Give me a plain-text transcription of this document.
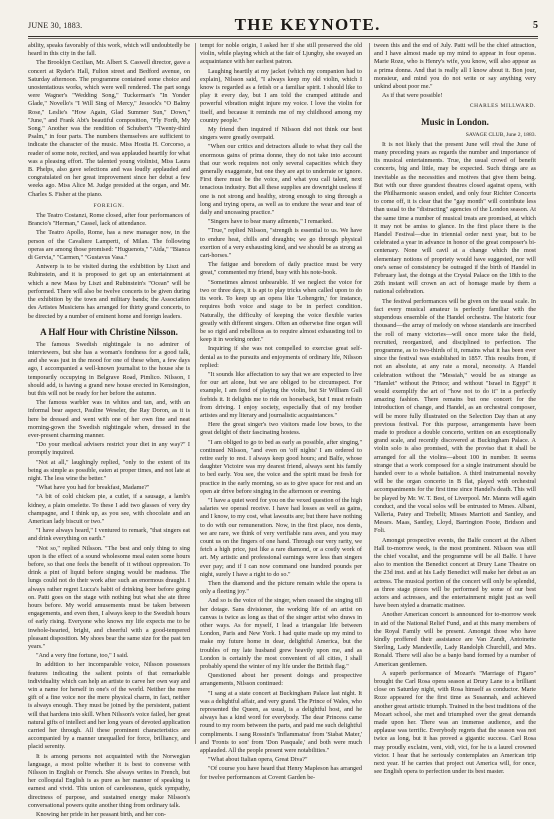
JUNE 30, 1883.	THE KEYNOTE.	5

ability, speaks favorably of this work, which will undoubtedly be heard in this city in the fall.

The Brooklyn Cecilian, Mr. Albert S. Caswell director, gave a concert at Ryder's Hall, Fulton street and Bedford avenue, on Saturday afternoon. The programme contained some choice and unostentatious works, which were well rendered. The part songs were Wagner's "Wedding Song," Tuckerman's "In Yonder Glade," Novello's "I Will Sing of Mercy," Jessock's "O Balmy Rose," Leslie's "How Again, Glad Summer Sun," Down," "June," and Frank Abt's beautiful composition, "Fly Forth, My Song." Another was the rendition of Schubert's "Twenty-third Psalm," in four parts. The numbers themselves are sufficient to indicate the character of the music. Miss Hostia H. Corcorso, a reader of some note, recited, and was applauded heartily for what was a pleasing effort. The talented young violinist, Miss Laura B. Phelps, also gave selections and was loudly applauded and congratulated on her great improvement since her debut a few weeks ago. Miss Alice M. Judge presided at the organ, and Mr. Charles S. Fisher at the piano.

FOREIGN.

The Teatro Costanzi, Rome closed, after four performances of Brancio's "Herman," Cassel, lack of attendance.

The Teatro Apollo, Rome, has a new manager now, in the person of the Cavaliere Lamperti, of Milan. The following operas are among those promised: "Huguenots," "Aida," "Bianca di Gervia," "Carmen," "Gustavus Vasa."

Antwerp is to be visited during the exhibition by Liszt and Rubinstein, and it is proposed to get up an entertainment at which a new Mass by Liszt and Rubinstein's "Ocean" will be performed. There will also be twelve concerts to be given during the exhibition by the town and military bands; the Association des Artistes Musiciens has arranged for thirty grand concerts, to be directed by a number of eminent home and foreign leaders.

A Half Hour with Christine Nilsson.

The famous Swedish nightingale is no admirer of interviewers, but she has a woman's fondness for a good talk, and she was just in the mood for one of these when, a few days ago, I accompanied a well-known journalist to the house she is temporarily occupying in Belgrave Road, Pimlico. Nilsson, I should add, is having a grand new house erected in Kensington, but this will not be ready for her before the autumn.

The famous warbler was in whites and tan, and, with an informal bear aspect, Pauline Weseler, the Ray Doron, as it is here be dressed and went with one of her own fine and neat morning-gown the Swedish nightingale when, dressed in the ever-present charming manner.

"Do your medical advisers restrict your diet in any way?" I promptly inquired.

"Not at all," laughingly replied, "only to the extent of its being as simple as possible, eaten at proper times, and not late at night. The less wine the better."

"What have you had for breakfast, Madame?"

"A bit of cold chicken pie, a cutlet, if a sausage, a lamb's kidney, a plain omelette. To these I add two glasses of very dry champagne, and I think up, as you see, with chocolate and an American lady biscuit or two."

"I have always heard," I ventured to remark, "that singers eat and drink everything on earth."

"Not so," replied Nilsson. "The best and only thing to sing upon is the effect of a sound wholesome meal eaten some hours before, so that one feels the benefit of it without oppression. To drink a pint of liquid before singing would be madness. The lungs could not do their work after such an enormous draught. I always rather regret Lucca's habit of drinking beer before going on. Patti goes on the stage with nothing but what she ate three hours before. My world amusements must be taken between engagements, and even then, I always keep to the Swedish hours of early rising. Everyone who knows my life expects me to be inwhole-hearted, bright, and cheerful with a good-tempered pleasant disposition. My shoes bear the same size for the past ten years."

"And a very fine fortune, too," I said.

In addition to her incomparable voice, Nilsson possesses features indicating the salient points of that remarkable individuality which can help an artiste to carve her own way and win a name for herself in one's of the world. Neither the mere gift of a fine voice nor the mere physical charm, in fact, neither is always enough. They must be joined by the persistent, patient will that hardens into skill. When Nilsson's voice failed, her great natural gifts of intellect and her long years of devoted application carried her through. All these prominent characteristics are accompanied by a manner unequalled for force, brilliancy, and placid serenity.

It is among persons not acquainted with the Norwegian language, a most polite whether it is best to converse with Nilsson in English or French. She always writes in French, but her colloquial English is as pure as her manner of speaking is earnest and vivid. This union of carelessness, quick sympathy, directness of purpose, and sustained energy make Nilsson's conversational powers quite another thing from ordinary talk.

Knowing her pride in her peasant birth, and her con-

tempt for noble origin, I asked her if she still preserved the old violin, while playing which at the fair of Ljungby, she swayed an acquaintance with her earliest patron.

Laughing heartily at my jacket (which my companion had to explain), Nilsson said, "I always keep my old violin, which I know is regarded as a fetish or a familiar spirit. I should like to play it every day, but I am told the cramped attitude and powerful vibration might injure my voice. I love the violin for itself, and because it reminds me of my childhood among my country people."

My friend then inquired if Nilsson did not think our best singers were greatly overpaid.

"When our critics and detractors allude to what they call the enormous gains of prima donne, they do not take into account that our work requires not only several capacities which they generally exaggerate, but one they are apt to underrate or ignore. First there must be the voice, and what you call talent, next tenacious industry. But all these supplies are downright useless if one is not strong and healthy, strong enough to sing through a long and trying opera, as well as to endure the wear and tear of daily and unceasing practice."

"Singers have to bear many ailments," I remarked.

"True," replied Nilsson, "strength is essential to us. We have to endure heat, chills and draughts; we go through physical exertion of a very exhausting kind, and we should be as strong as cart-horses."

The fatigue and boredom of daily practice must be very great," commented my friend, busy with his note-book.

"Sometimes almost unbearable. If we neglect the voice for two or three days, it is apt to play tricks when called upon to do its work. To keep up an opera like 'Lohengrin,' for instance, requires both voice and stage to be in perfect condition. Naturally, the difficulty of keeping the voice flexible varies greatly with different singers. Often an otherwise fine organ will be so rigid and rebellious as to require almost exhausting toil to keep it in working order."

Inquiring if she was not compelled to exercise great self-denial as to the pursuits and enjoyments of ordinary life, Nilsson replied:

"It sounds like affectation to say that we are expected to live for our art alone, but we are obliged to be circumspect. For example, I am fond of playing the violin, but Sir William Gull forbids it. It delights me to ride on horseback, but I must refrain from driving. I enjoy society, especially that of my brother artistes and my literary and journalistic acquaintances."

Here the great singer's two visitors made low bows, to the great delight of their fascinating hostess.

"I am obliged to go to bed as early as possible, after singing," continued Nilsson, "and even on 'off nights' I am ordered to retire early to rest. I always keep good hours; and Balfe, whose daughter Victoire was my dearest friend, always sent his family to bed early. You see, the voice and the spirit must be fresh for practice in the early morning, so as to give space for rest and an open air drive before singing in the afternoon or evening.

"I have a quiet word for you on the vexed question of the high salaries we operasl receive. I have had losses as well as gains, and I know, to my cost, what lawsuits are; but there have nothing to do with our remuneration. Now, in the first place, nos dents, we are rare, we think of very verifiable rara aves, and you may count us on the fingers of one hand. Through our very rarity, we fetch a high price, just like a rare diamond, or a costly work of art. My artistic and professional earnings were less than singers ever pay; and if I can now command one hundred pounds per night, surely I have a right to do so."

Then the diamond and the picture remain while the opera is only a fleeting joy."

And so is the voice of the singer, when ceased the singing till her dotage. Sans divisioner, the working life of an artist on canvas is twice as long as that of the singer artist who draws in other ways. As for myself, I lead a triangular life between London, Paris and New York. I had quite made up my mind to make my future home in dear, delightful America, but the troubles of my late husband grew heavily upon me, and as London is certainly the most convenient of all cities, I shall probably spend the winter of my life under the British flag."

Questioned about her present doings and prospective arrangements, Nilsson continued:

"I sang at a state concert at Buckingham Palace last night. It was a delightful affair, and very grand. The Prince of Wales, who represented the Queen, as usual, is a delightful host, and he always has a kind word for everybody. The dear Princess came round to my room between the parts, and paid me such delightful compliments. I sang Rossini's 'Inflammatus' from 'Stabat Mater,' and 'Fronts to son' from 'Don Pasquale,' and both were much applauded. All the people present were notabilities."

"What about Italian opera, Great Diva?"

"Of course you have heard that Henry Mapleson has arranged for twelve performances at Covent Garden be-

tween this and the end of July. Patti will be the chief attraction, and I have almost made up my mind to appear in four operas. Marie Roze, who is Henry's wife, you know, will also appear as a prima donna. And that is really all I know about it. Bon jour, monsieur, and mind you do not write or say anything very unkind about poor me."

As if that were possible!

CHARLES MILLWARD.
Music in London.
SAVAGE CLUB, June 2, 1883.

It is not likely that the present June will rival the June of many preceding years as regards the number and importance of its musical entertainments. True, the usual crowd of benefit concerts, big and little, may be expected. Such things are as inevitable as the necessities and motives that give them being. But with our three grandest theatres closed against opera, with the Philharmonic season ended, and only four Richter Concerts to come off, it is clear that the "gay month" will contribute less than usual to the "distracting" agencies of the London season. At the same time a number of musical treats are promised, at which it may not be amiss to glance. In the first place there is the Handel Festival—due in triennial order next year, but to be celebrated a year in advance in honor of the great composer's bi-centenary. None will cavil at a change which the most elementary notions of propriety would have suggested, nor will one's sense of consistency be outraged if the birth of Handel in February last, the doings at the Crystal Palace on the 18th to the 26th instant will crown an act of homage made by them a national celebration.

The festival performances will be given on the usual scale. In fact every musical amateur is perfectly familiar with the stupendous ensemble of the Handel orchestra. The historic four thousand—the array of melody on whose standards are inscribed the roll of many victories—will once more take the field, recruited, reorganized, and disciplined to perfection. The programme, as to two-thirds of it, remains what it has been ever since the festival was established in 1857. This results from, if not an absolute, at any rate a moral, necessity. A Handel celebration without the "Messiah," would be as strange as "Hamlet" without the Prince; and without "Israel in Egypt" it would exemplify the art of "how not to do it" in a perfectly amazing fashion. There remains but one concert for the introduction of change, and Handel, as an orchestral composer, will be more fully illustrated on the Selection Day than at any previous festival. For this purpose, arrangements have been made to produce a double concerto, written on an exceptionally grand scale, and recently discovered at Buckingham Palace. A violin solo is also promised, with the proviso that it shall be arranged for all the violins—about 100 in number. It seems strange that a work composed for a single instrument should be handed over to a whole battalion. A third instrumental novelty will be the organ concerto in B flat, played with orchestral accompaniments for the first time since Handel's death. This will be played by Mr. W. T. Best, of Liverpool. Mr. Manns will again conduct, and the vocal solos will be entrusted to Mmes. Albani, Valleria, Patey and Trebelli; Misses Marriott and Santley, and Messrs. Maas, Santley, Lloyd, Barrington Foote, Bridson and Foli.

Amongst prospective events, the Balfe concert at the Albert Hall to-morrow week, is the most prominent. Nilsson was still the chief vocalist, and the programme will be all Balfe. I have also to mention the Benedict concert at Drury Lane Theatre on the 23d inst. and at his Lady Benedict will make her debut as an actress. The musical portion of the concert will only be splendid, as three stage pieces will be performed by some of our best actors and actresses, and the entertainment might just as well have been styled a dramatic matinee.

Another American concert is announced for to-morrow week in aid of the National Relief Fund, and at this many members of the Royal Family will be present. Amongst those who have kindly proffered their assistance are Van Zandt, Antoinette Sterling, Lady Mandeville, Lady Randolph Churchill, and Mrs. Ronald. There will also be a banjo band formed by a number of American gentlemen.

A superb performance of Mozart's "Marriage of Figaro" brought the Carl Rosa opera season at Drury Lane to a brilliant close on Saturday night, with Rosa himself as conductor. Marie Roze appeared for the first time as Susannah, and achieved another great artistic triumph. Trained in the best traditions of the Mozart school, she met and triumphed over the great demands made upon her. There was an immense audience, and the applause was terrific. Everybody regrets that the season was not twice as long, but it has proved a gigantic success. Carl Rosa may proudly exclaim, veni, vidi, vici, for he is a laurel crowned victor. I hear that he seriously contemplates an American trip next year. If he carries that project out America will, for once, see English opera to perfection under its best master.
